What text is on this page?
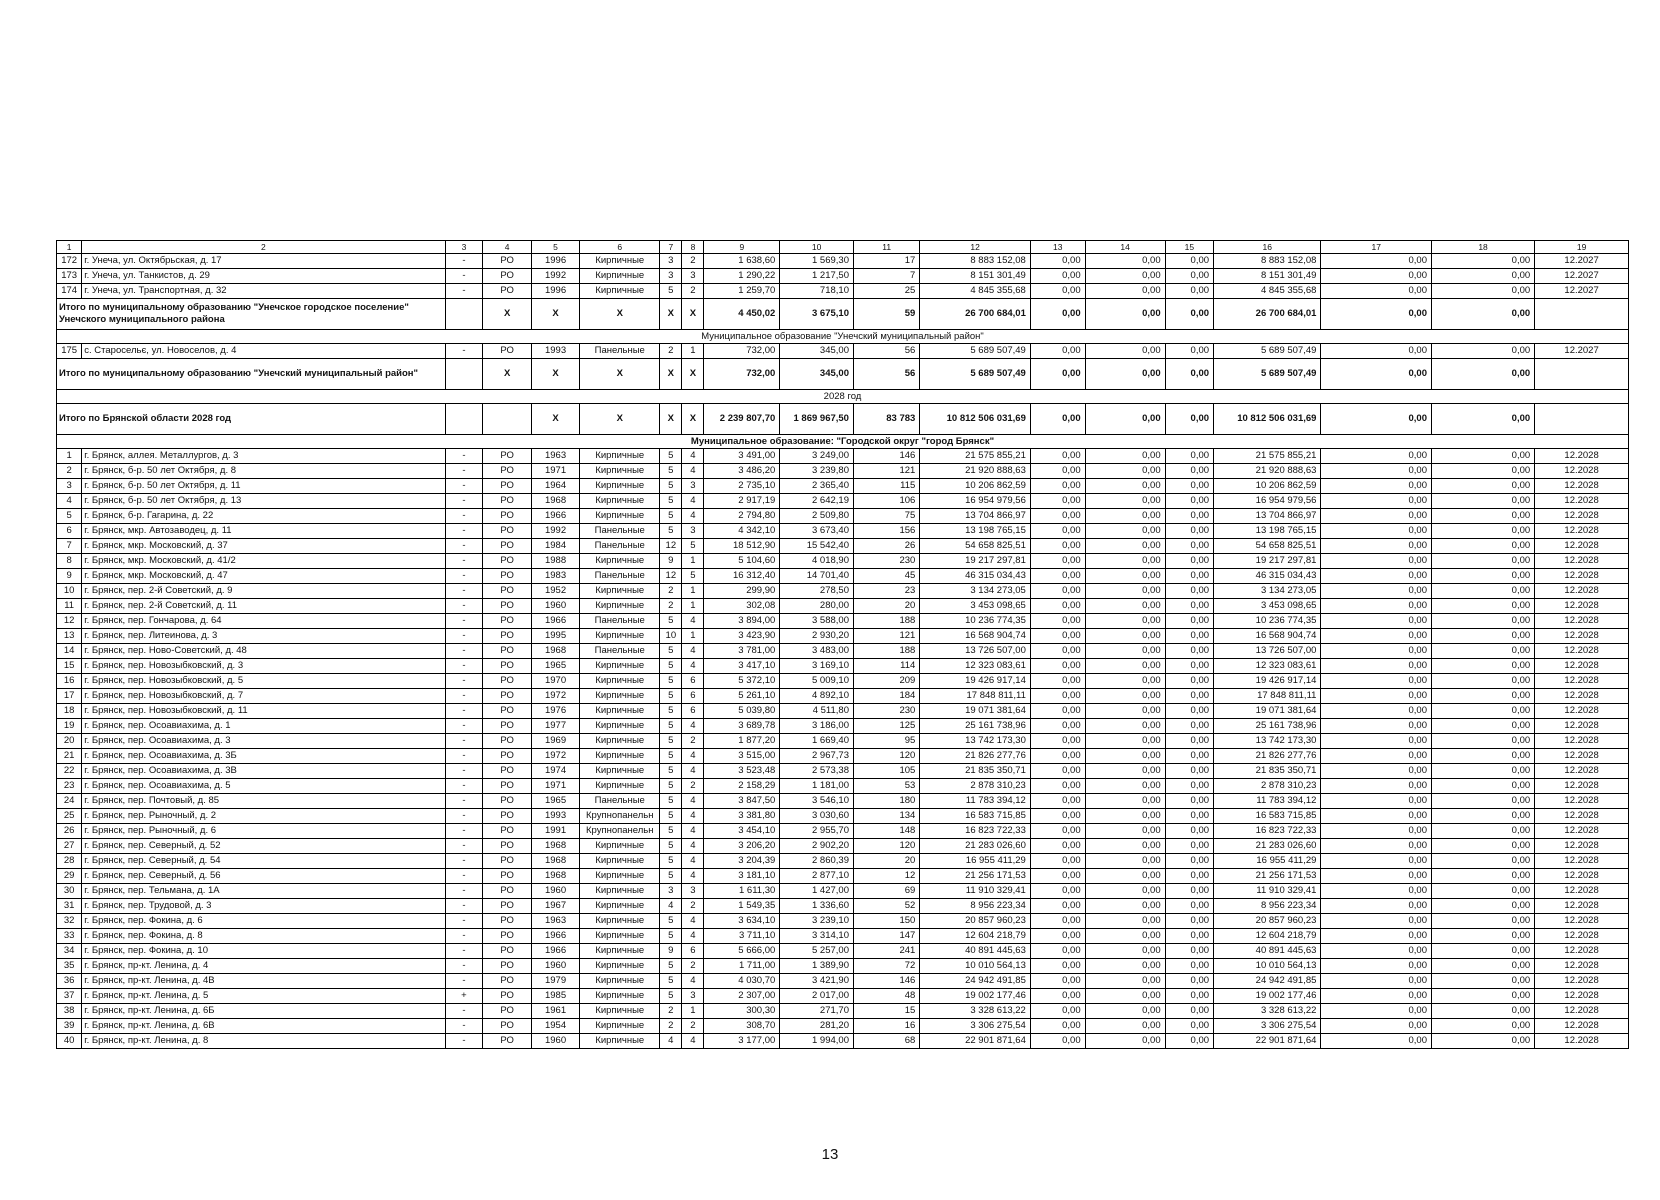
1	2	3	4	5	6	7	8	9	10	11	12	13	14	15	16	17	18	19
172	г. Унеча, ул. Октябрьская, д. 17	-	РО	1996	Кирпичные	3	2	1 638,60	1 569,30	17	8 883 152,08	0,00	0,00	0,00	8 883 152,08	0,00	0,00	12.2027
173	г. Унеча, ул. Танкистов, д. 29	-	РО	1992	Кирпичные	3	3	1 290,22	1 217,50	7	8 151 301,49	0,00	0,00	0,00	8 151 301,49	0,00	0,00	12.2027
174	г. Унеча, ул. Транспортная, д. 32	-	РО	1996	Кирпичные	5	2	1 259,70	718,10	25	4 845 355,68	0,00	0,00	0,00	4 845 355,68	0,00	0,00	12.2027
Итого по муниципальному образованию "Унечское городское поселение" Унечского муниципального района			X	X	X	X	X	4 450,02	3 675,10	59	26 700 684,01	0,00	0,00	0,00	26 700 684,01	0,00	0,00	
Муниципальное образование "Унечский муниципальный район"																		
175	с. Старосельє, ул. Новоселов, д. 4	-	РО	1993	Панельные	2	1	732,00	345,00	56	5 689 507,49	0,00	0,00	0,00	5 689 507,49	0,00	0,00	12.2027
Итого по муниципальному образованию "Унечский муниципальный район"			X	X	X	X	X	732,00	345,00	56	5 689 507,49	0,00	0,00	0,00	5 689 507,49	0,00	0,00	
2028 год																		
Итого по Брянской области 2028 год				X	X	X	X	2 239 807,70	1 869 967,50	83 783	10 812 506 031,69	0,00	0,00	0,00	10 812 506 031,69	0,00	0,00	
Муниципальное образование: "Городской округ "город Брянск"																		
1	г. Брянск, аллея. Металлургов, д. 3	-	РО	1963	Кирпичные	5	4	3 491,00	3 249,00	146	21 575 855,21	0,00	0,00	0,00	21 575 855,21	0,00	0,00	12.2028
2	г. Брянск, б-р. 50 лет Октября, д. 8	-	РО	1971	Кирпичные	5	4	3 486,20	3 239,80	121	21 920 888,63	0,00	0,00	0,00	21 920 888,63	0,00	0,00	12.2028
3	г. Брянск, б-р. 50 лет Октября, д. 11	-	РО	1964	Кирпичные	5	3	2 735,10	2 365,40	115	10 206 862,59	0,00	0,00	0,00	10 206 862,59	0,00	0,00	12.2028
4	г. Брянск, б-р. 50 лет Октября, д. 13	-	РО	1968	Кирпичные	5	4	2 917,19	2 642,19	106	16 954 979,56	0,00	0,00	0,00	16 954 979,56	0,00	0,00	12.2028
5	г. Брянск, б-р. Гагарина, д. 22	-	РО	1966	Кирпичные	5	4	2 794,80	2 509,80	75	13 704 866,97	0,00	0,00	0,00	13 704 866,97	0,00	0,00	12.2028
6	г. Брянск, мкр. Автозаводец, д. 11	-	РО	1992	Панельные	5	3	4 342,10	3 673,40	156	13 198 765,15	0,00	0,00	0,00	13 198 765,15	0,00	0,00	12.2028
7	г. Брянск, мкр. Московский, д. 37	-	РО	1984	Панельные	12	5	18 512,90	15 542,40	26	54 658 825,51	0,00	0,00	0,00	54 658 825,51	0,00	0,00	12.2028
8	г. Брянск, мкр. Московский, д. 41/2	-	РО	1988	Кирпичные	9	1	5 104,60	4 018,90	230	19 217 297,81	0,00	0,00	0,00	19 217 297,81	0,00	0,00	12.2028
9	г. Брянск, мкр. Московский, д. 47	-	РО	1983	Панельные	12	5	16 312,40	14 701,40	45	46 315 034,43	0,00	0,00	0,00	46 315 034,43	0,00	0,00	12.2028
10	г. Брянск, пер. 2-й Советский, д. 9	-	РО	1952	Кирпичные	2	1	299,90	278,50	23	3 134 273,05	0,00	0,00	0,00	3 134 273,05	0,00	0,00	12.2028
11	г. Брянск, пер. 2-й Советский, д. 11	-	РО	1960	Кирпичные	2	1	302,08	280,00	20	3 453 098,65	0,00	0,00	0,00	3 453 098,65	0,00	0,00	12.2028
12	г. Брянск, пер. Гончарова, д. 64	-	РО	1966	Панельные	5	4	3 894,00	3 588,00	188	10 236 774,35	0,00	0,00	0,00	10 236 774,35	0,00	0,00	12.2028
13	г. Брянск, пер. Литеинова, д. 3	-	РО	1995	Кирпичные	10	1	3 423,90	2 930,20	121	16 568 904,74	0,00	0,00	0,00	16 568 904,74	0,00	0,00	12.2028
14	г. Брянск, пер. Ново-Советский, д. 48	-	РО	1968	Панельные	5	4	3 781,00	3 483,00	188	13 726 507,00	0,00	0,00	0,00	13 726 507,00	0,00	0,00	12.2028
15	г. Брянск, пер. Новозыбковский, д. 3	-	РО	1965	Кирпичные	5	4	3 417,10	3 169,10	114	12 323 083,61	0,00	0,00	0,00	12 323 083,61	0,00	0,00	12.2028
16	г. Брянск, пер. Новозыбковский, д. 5	-	РО	1970	Кирпичные	5	6	5 372,10	5 009,10	209	19 426 917,14	0,00	0,00	0,00	19 426 917,14	0,00	0,00	12.2028
17	г. Брянск, пер. Новозыбковский, д. 7	-	РО	1972	Кирпичные	5	6	5 261,10	4 892,10	184	17 848 811,11	0,00	0,00	0,00	17 848 811,11	0,00	0,00	12.2028
18	г. Брянск, пер. Новозыбковский, д. 11	-	РО	1976	Кирпичные	5	6	5 039,80	4 511,80	230	19 071 381,64	0,00	0,00	0,00	19 071 381,64	0,00	0,00	12.2028
19	г. Брянск, пер. Осоавиахима, д. 1	-	РО	1977	Кирпичные	5	4	3 689,78	3 186,00	125	25 161 738,96	0,00	0,00	0,00	25 161 738,96	0,00	0,00	12.2028
20	г. Брянск, пер. Осоавиахима, д. 3	-	РО	1969	Кирпичные	5	2	1 877,20	1 669,40	95	13 742 173,30	0,00	0,00	0,00	13 742 173,30	0,00	0,00	12.2028
21	г. Брянск, пер. Осоавиахима, д. 3Б	-	РО	1972	Кирпичные	5	4	3 515,00	2 967,73	120	21 826 277,76	0,00	0,00	0,00	21 826 277,76	0,00	0,00	12.2028
22	г. Брянск, пер. Осоавиахима, д. 3В	-	РО	1974	Кирпичные	5	4	3 523,48	2 573,38	105	21 835 350,71	0,00	0,00	0,00	21 835 350,71	0,00	0,00	12.2028
23	г. Брянск, пер. Осоавиахима, д. 5	-	РО	1971	Кирпичные	5	2	2 158,29	1 181,00	53	2 878 310,23	0,00	0,00	0,00	2 878 310,23	0,00	0,00	12.2028
24	г. Брянск, пер. Почтовый, д. 85	-	РО	1965	Панельные	5	4	3 847,50	3 546,10	180	11 783 394,12	0,00	0,00	0,00	11 783 394,12	0,00	0,00	12.2028
25	г. Брянск, пер. Рыночный, д. 2	-	РО	1993	Крупнопанельн	5	4	3 381,80	3 030,60	134	16 583 715,85	0,00	0,00	0,00	16 583 715,85	0,00	0,00	12.2028
26	г. Брянск, пер. Рыночный, д. 6	-	РО	1991	Крупнопанельн	5	4	3 454,10	2 955,70	148	16 823 722,33	0,00	0,00	0,00	16 823 722,33	0,00	0,00	12.2028
27	г. Брянск, пер. Северный, д. 52	-	РО	1968	Кирпичные	5	4	3 206,20	2 902,20	120	21 283 026,60	0,00	0,00	0,00	21 283 026,60	0,00	0,00	12.2028
28	г. Брянск, пер. Северный, д. 54	-	РО	1968	Кирпичные	5	4	3 204,39	2 860,39	20	16 955 411,29	0,00	0,00	0,00	16 955 411,29	0,00	0,00	12.2028
29	г. Брянск, пер. Северный, д. 56	-	РО	1968	Кирпичные	5	4	3 181,10	2 877,10	12	21 256 171,53	0,00	0,00	0,00	21 256 171,53	0,00	0,00	12.2028
30	г. Брянск, пер. Тельмана, д. 1А	-	РО	1960	Кирпичные	3	3	1 611,30	1 427,00	69	11 910 329,41	0,00	0,00	0,00	11 910 329,41	0,00	0,00	12.2028
31	г. Брянск, пер. Трудовой, д. 3	-	РО	1967	Кирпичные	4	2	1 549,35	1 336,60	52	8 956 223,34	0,00	0,00	0,00	8 956 223,34	0,00	0,00	12.2028
32	г. Брянск, пер. Фокина, д. 6	-	РО	1963	Кирпичные	5	4	3 634,10	3 239,10	150	20 857 960,23	0,00	0,00	0,00	20 857 960,23	0,00	0,00	12.2028
33	г. Брянск, пер. Фокина, д. 8	-	РО	1966	Кирпичные	5	4	3 711,10	3 314,10	147	12 604 218,79	0,00	0,00	0,00	12 604 218,79	0,00	0,00	12.2028
34	г. Брянск, пер. Фокина, д. 10	-	РО	1966	Кирпичные	9	6	5 666,00	5 257,00	241	40 891 445,63	0,00	0,00	0,00	40 891 445,63	0,00	0,00	12.2028
35	г. Брянск, пр-кт. Ленина, д. 4	-	РО	1960	Кирпичные	5	2	1 711,00	1 389,90	72	10 010 564,13	0,00	0,00	0,00	10 010 564,13	0,00	0,00	12.2028
36	г. Брянск, пр-кт. Ленина, д. 4В	-	РО	1979	Кирпичные	5	4	4 030,70	3 421,90	146	24 942 491,85	0,00	0,00	0,00	24 942 491,85	0,00	0,00	12.2028
37	г. Брянск, пр-кт. Ленина, д. 5	+	РО	1985	Кирпичные	5	3	2 307,00	2 017,00	48	19 002 177,46	0,00	0,00	0,00	19 002 177,46	0,00	0,00	12.2028
38	г. Брянск, пр-кт. Ленина, д. 6Б	-	РО	1961	Кирпичные	2	1	300,30	271,70	15	3 328 613,22	0,00	0,00	0,00	3 328 613,22	0,00	0,00	12.2028
39	г. Брянск, пр-кт. Ленина, д. 6В	-	РО	1954	Кирпичные	2	2	308,70	281,20	16	3 306 275,54	0,00	0,00	0,00	3 306 275,54	0,00	0,00	12.2028
40	г. Брянск, пр-кт. Ленина, д. 8	-	РО	1960	Кирпичные	4	4	3 177,00	1 994,00	68	22 901 871,64	0,00	0,00	0,00	22 901 871,64	0,00	0,00	12.2028
13
